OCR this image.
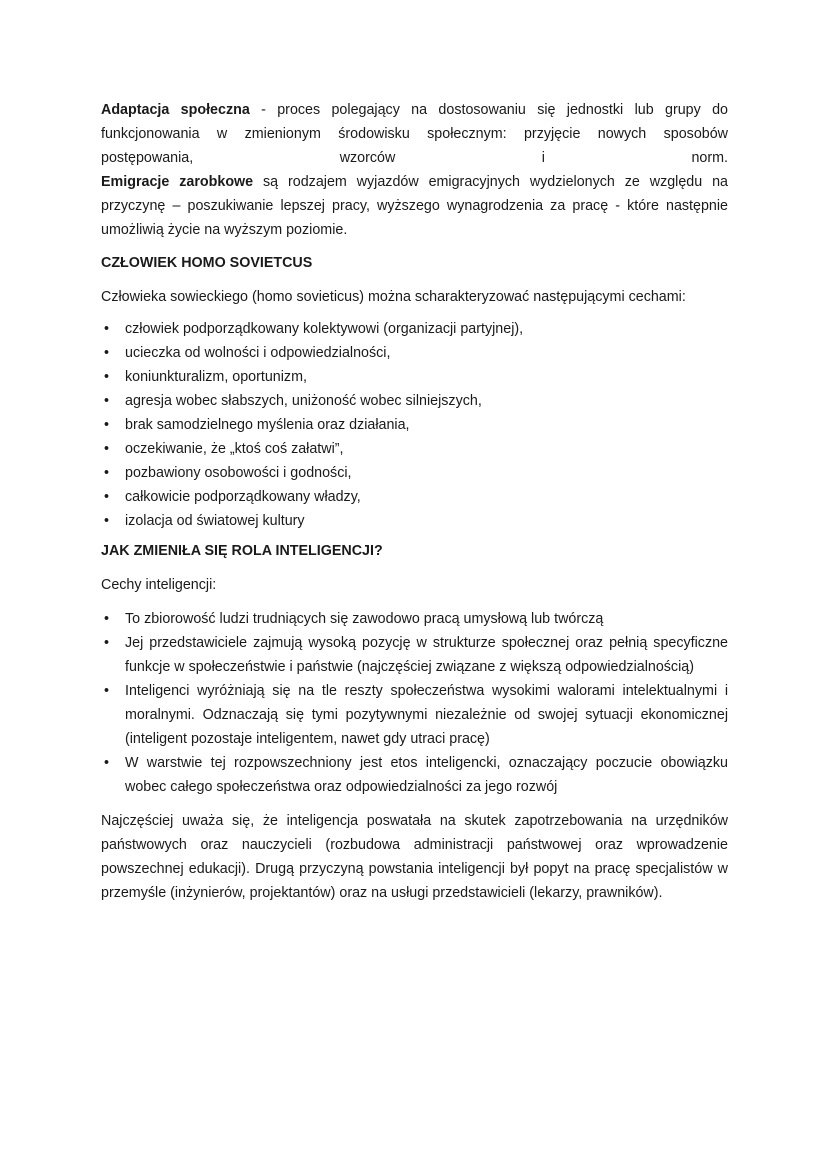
Adaptacja społeczna - proces polegający na dostosowaniu się jednostki lub grupy do funkcjonowania w zmienionym środowisku społecznym: przyjęcie nowych sposobów postępowania, wzorców i norm.

Emigracje zarobkowe są rodzajem wyjazdów emigracyjnych wydzielonych ze względu na przyczynę – poszukiwanie lepszej pracy, wyższego wynagrodzenia za pracę - które następnie umożliwią życie na wyższym poziomie.

CZŁOWIEK HOMO SOVIETCUS

Człowieka sowieckiego (homo sovieticus) można scharakteryzować następującymi cechami:

• człowiek podporządkowany kolektywowi (organizacji partyjnej),
• ucieczka od wolności i odpowiedzialności,
• koniunkturalizm, oportunizm,
• agresja wobec słabszych, uniżoność wobec silniejszych,
• brak samodzielnego myślenia oraz działania,
• oczekiwanie, że „ktoś coś załatwi”,
• pozbawiony osobowości i godności,
• całkowicie podporządkowany władzy,
• izolacja od światowej kultury

JAK ZMIENIŁA SIĘ ROLA INTELIGENCJI?

Cechy inteligencji:

• To zbiorowość ludzi trudniących się zawodowo pracą umysłową lub twórczą
• Jej przedstawiciele zajmują wysoką pozycję w strukturze społecznej oraz pełnią specyficzne funkcje w społeczeństwie i państwie (najczęściej związane z większą odpowiedzialnością)
• Inteligenci wyróżniają się na tle reszty społeczeństwa wysokimi walorami intelektualnymi i moralnymi. Odznaczają się tymi pozytywnymi niezależnie od swojej sytuacji ekonomicznej (inteligent pozostaje inteligentem, nawet gdy utraci pracę)
• W warstwie tej rozpowszechniony jest etos inteligencki, oznaczający poczucie obowiązku wobec całego społeczeństwa oraz odpowiedzialności za jego rozwój

Najczęściej uważa się, że inteligencja poswatała na skutek zapotrzebowania na urzędników państwowych oraz nauczycieli (rozbudowa administracji państwowej oraz wprowadzenie powszechnej edukacji). Drugą przyczyną powstania inteligencji był popyt na pracę specjalistów w przemyśle (inżynierów, projektantów) oraz na usługi przedstawicieli (lekarzy, prawników).
